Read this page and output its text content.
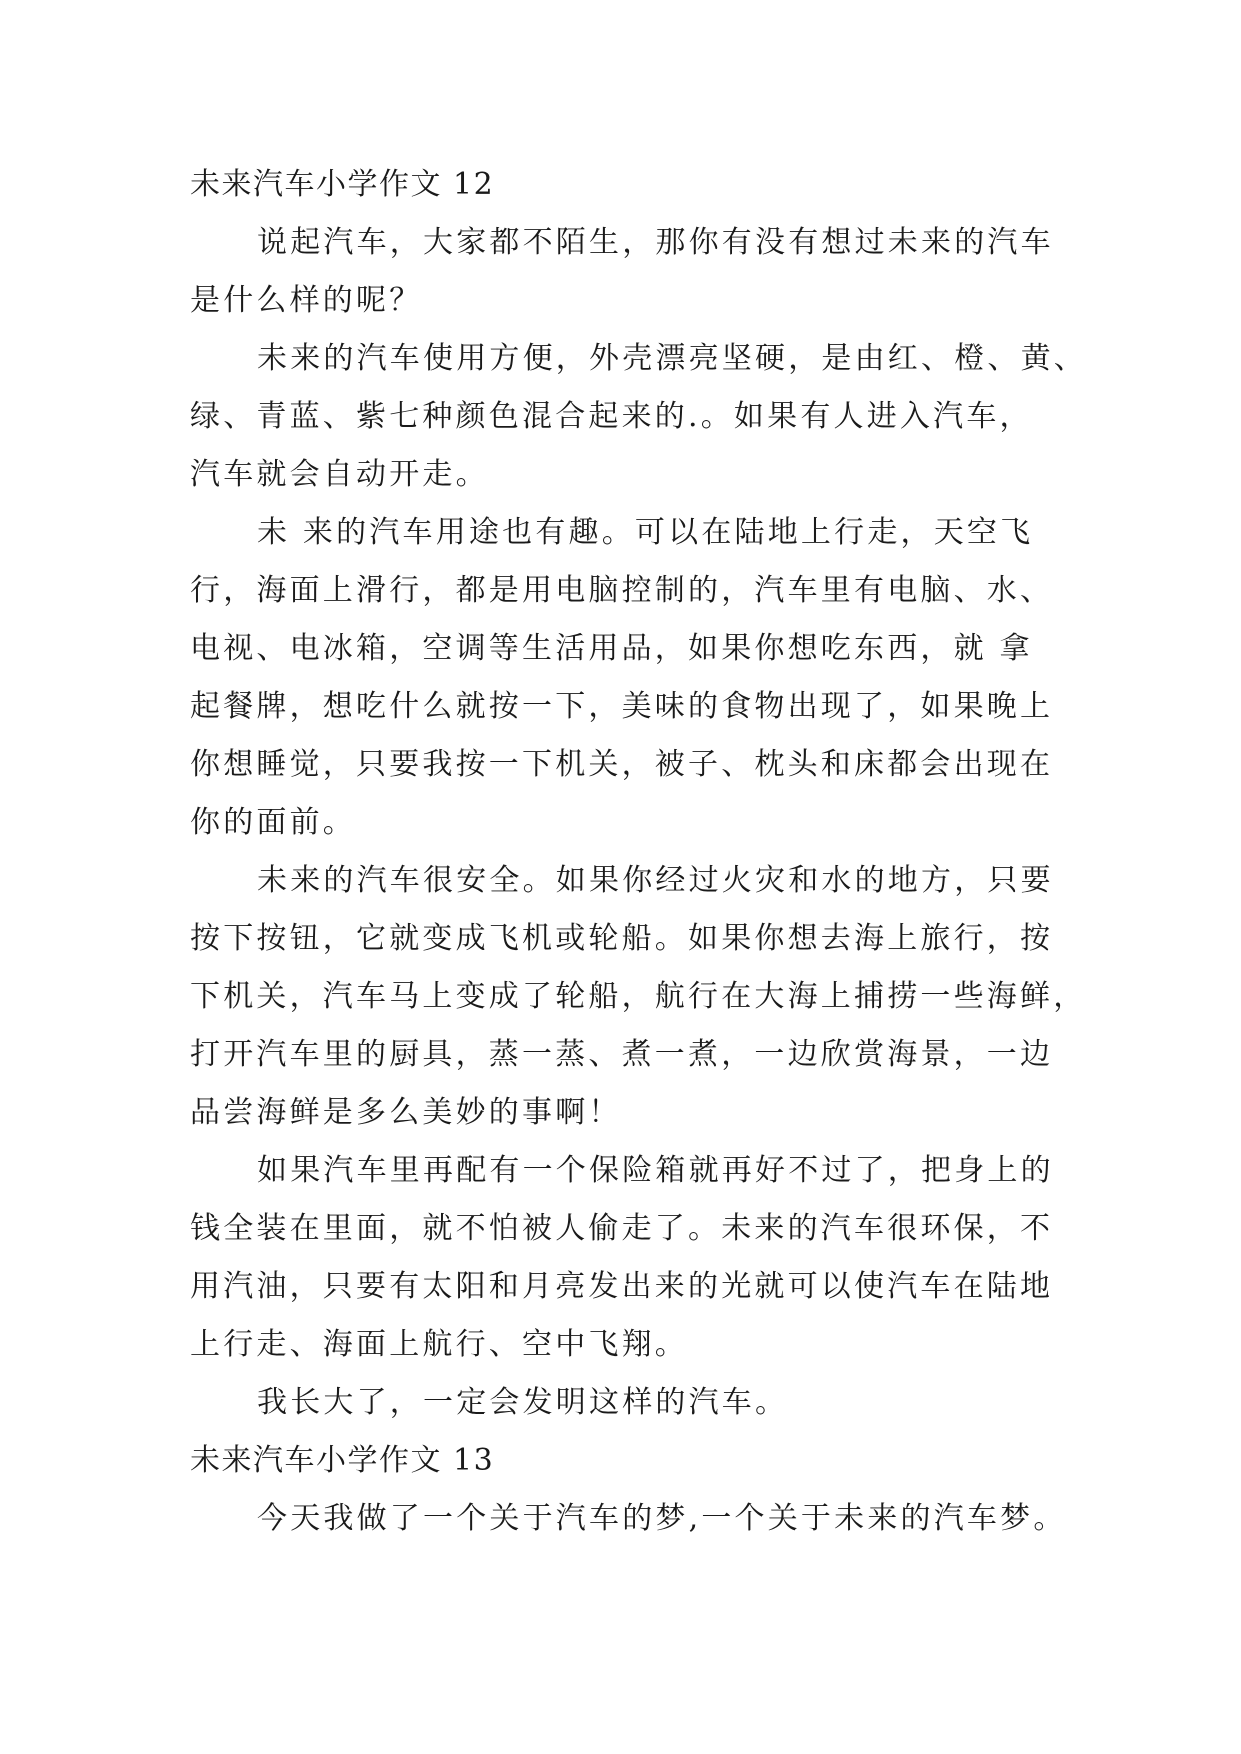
未来汽车小学作文 12
说起汽车，大家都不陌生，那你有没有想过未来的汽车
是什么样的呢？
未来的汽车使用方便，外壳漂亮坚硬，是由红、橙、黄、
绿、青蓝、紫七种颜色混合起来的.。如果有人进入汽车，
汽车就会自动开走。
未 来的汽车用途也有趣。可以在陆地上行走，天空飞
行，海面上滑行，都是用电脑控制的，汽车里有电脑、水、
电视、电冰箱，空调等生活用品，如果你想吃东西，就 拿
起餐牌，想吃什么就按一下，美味的食物出现了，如果晚上
你想睡觉，只要我按一下机关，被子、枕头和床都会出现在
你的面前。
未来的汽车很安全。如果你经过火灾和水的地方，只要
按下按钮，它就变成飞机或轮船。如果你想去海上旅行，按
下机关，汽车马上变成了轮船，航行在大海上捕捞一些海鲜，
打开汽车里的厨具，蒸一蒸、煮一煮，一边欣赏海景，一边
品尝海鲜是多么美妙的事啊！
如果汽车里再配有一个保险箱就再好不过了，把身上的
钱全装在里面，就不怕被人偷走了。未来的汽车很环保，不
用汽油，只要有太阳和月亮发出来的光就可以使汽车在陆地
上行走、海面上航行、空中飞翔。
我长大了，一定会发明这样的汽车。
未来汽车小学作文 13
今天我做了一个关于汽车的梦,一个关于未来的汽车梦。
